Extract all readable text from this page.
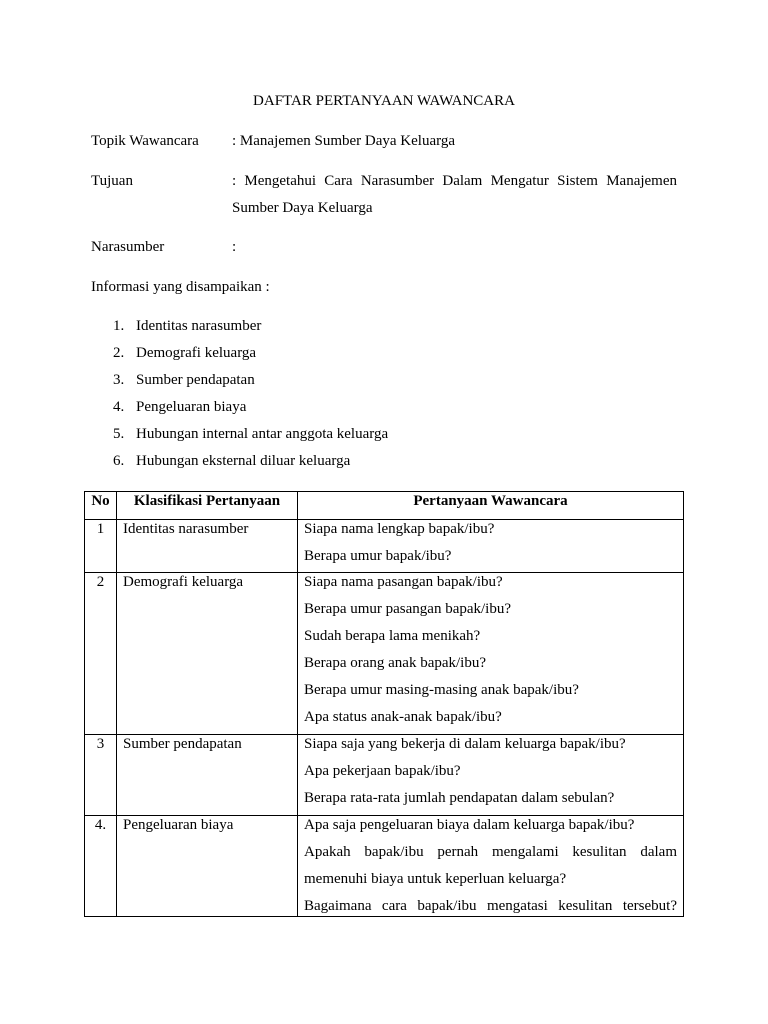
DAFTAR PERTANYAAN WAWANCARA
Topik Wawancara : Manajemen Sumber Daya Keluarga
Tujuan	: Mengetahui Cara Narasumber Dalam Mengatur Sistem Manajemen Sumber Daya Keluarga
Narasumber	:
Informasi yang disampaikan :
1. Identitas narasumber
2. Demografi keluarga
3. Sumber pendapatan
4. Pengeluaran biaya
5. Hubungan internal antar anggota keluarga
6. Hubungan eksternal diluar keluarga
No	Klasifikasi Pertanyaan	Pertanyaan Wawancara
1	Identitas narasumber	Siapa nama lengkap bapak/ibu?
Berapa umur bapak/ibu?
2	Demografi keluarga	Siapa nama pasangan bapak/ibu?
Berapa umur pasangan bapak/ibu?
Sudah berapa lama menikah?
Berapa orang anak bapak/ibu?
Berapa umur masing-masing anak bapak/ibu?
Apa status anak-anak bapak/ibu?
3	Sumber pendapatan	Siapa saja yang bekerja di dalam keluarga bapak/ibu?
Apa pekerjaan bapak/ibu?
Berapa rata-rata jumlah pendapatan dalam sebulan?
4.	Pengeluaran biaya	Apa saja pengeluaran biaya dalam keluarga bapak/ibu?
Apakah bapak/ibu pernah mengalami kesulitan dalam memenuhi biaya untuk keperluan keluarga?
Bagaimana cara bapak/ibu mengatasi kesulitan tersebut?
